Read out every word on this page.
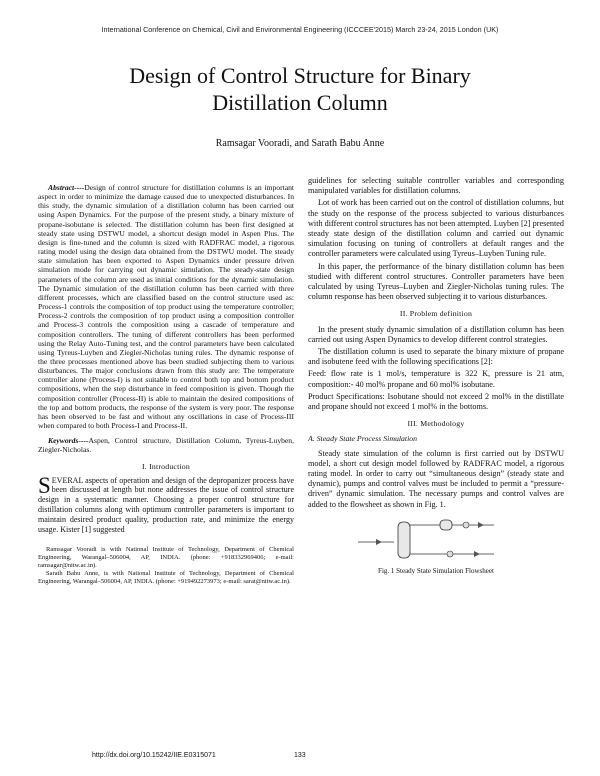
International Conference on Chemical, Civil and Environmental Engineering (ICCCEE'2015) March 23-24, 2015 London (UK)
Design of Control Structure for Binary
Distillation Column
Ramsagar Vooradi, and Sarath Babu Anne

Abstract----Design of control structure for distillation columns is an important aspect in order to minimize the damage caused due to unexpected disturbances. In this study, the dynamic simulation of a distillation column has been carried out using Aspen Dynamics. For the purpose of the present study, a binary mixture of propane-isobutane is selected. The distillation column has been first designed at steady state using DSTWU model, a shortcut design model in Aspen Plus. The design is fine-tuned and the column is sized with RADFRAC model, a rigorous rating model using the design data obtained from the DSTWU model. The steady state simulation has been exported to Aspen Dynamics under pressure driven simulation mode for carrying out dynamic simulation. The steady-state design parameters of the column are used as initial conditions for the dynamic simulation. The Dynamic simulation of the distillation column has been carried with three different processes, which are classified based on the control structure used as: Process-1 controls the composition of top product using the temperature controller; Process-2 controls the composition of top product using a composition controller and Process-3 controls the composition using a cascade of temperature and composition controllers. The tuning of different controllers has been performed using the Relay Auto-Tuning test, and the control parameters have been calculated using Tyreus-Luyben and Ziegler-Nicholas tuning rules. The dynamic response of the three processes mentioned above has been studied subjecting them to various disturbances. The major conclusions drawn from this study are: The temperature controller alone (Process-I) is not suitable to control both top and bottom product compositions, when the step disturbance in feed composition is given. Though the composition controller (Process-II) is able to maintain the desired compositions of the top and bottom products, the response of the system is very poor. The response has been observed to be fast and without any oscillations in case of Process-III when compared to both Process-I and Process-II.

Keywords----Aspen, Control structure, Distillation Column, Tyreus-Luyben, Ziegler-Nicholas.

I. Introduction

SEVERAL aspects of operation and design of the depropanizer process have been discussed at length but none addresses the issue of control structure design in a systematic manner. Choosing a proper control structure for distillation columns along with optimum controller parameters is important to maintain desired product quality, production rate, and minimize the energy usage. Kister [1] suggested

Ramsagar Vooradi is with National Institute of Technology, Department of Chemical Engineering, Warangal–506004, AP, INDIA. (phone: +918332969406; e-mail: ramsagar@nitw.ac.in).

Sarath Babu Anne, is with National Institute of Technology, Department of Chemical Engineering, Warangal–506004, AP, INDIA. (phone: +919492273973; e-mail: sarat@nitw.ac.in).

guidelines for selecting suitable controller variables and corresponding manipulated variables for distillation columns.

Lot of work has been carried out on the control of distillation columns, but the study on the response of the process subjected to various disturbances with different control structures has not been attempted. Luyben [2] presented steady state design of the distillation column and carried out dynamic simulation focusing on tuning of controllers at default ranges and the controller parameters were calculated using Tyreus–Luyben Tuning rule.

In this paper, the performance of the binary distillation column has been studied with different control structures. Controller parameters have been calculated by using Tyreus–Luyben and Ziegler-Nicholas tuning rules. The column response has been observed subjecting it to various disturbances.

II. Problem definition

In the present study dynamic simulation of a distillation column has been carried out using Aspen Dynamics to develop different control strategies.

The distillation column is used to separate the binary mixture of propane and isobutene feed with the following specifications [2]:

Feed: flow rate is 1 mol/s, temperature is 322 K, pressure is 21 atm, composition:- 40 mol% propane and 60 mol% isobutane.

Product Specifications: Isobutane should not exceed 2 mol% in the distillate and propane should not exceed 1 mol% in the bottoms.

III. Methodology
A. Steady State Process Simulation

Steady state simulation of the column is first carried out by DSTWU model, a short cut design model followed by RADFRAC model, a rigorous rating model. In order to carry out “simultaneous design” (steady state and dynamic), pumps and control valves must be included to permit a “pressure-driven” dynamic simulation. The necessary pumps and control valves are added to the flowsheet as shown in Fig. 1.

Fig. 1 Steady State Simulation Flowsheet
http://dx.doi.org/10.15242/IIE.E0315071	133
